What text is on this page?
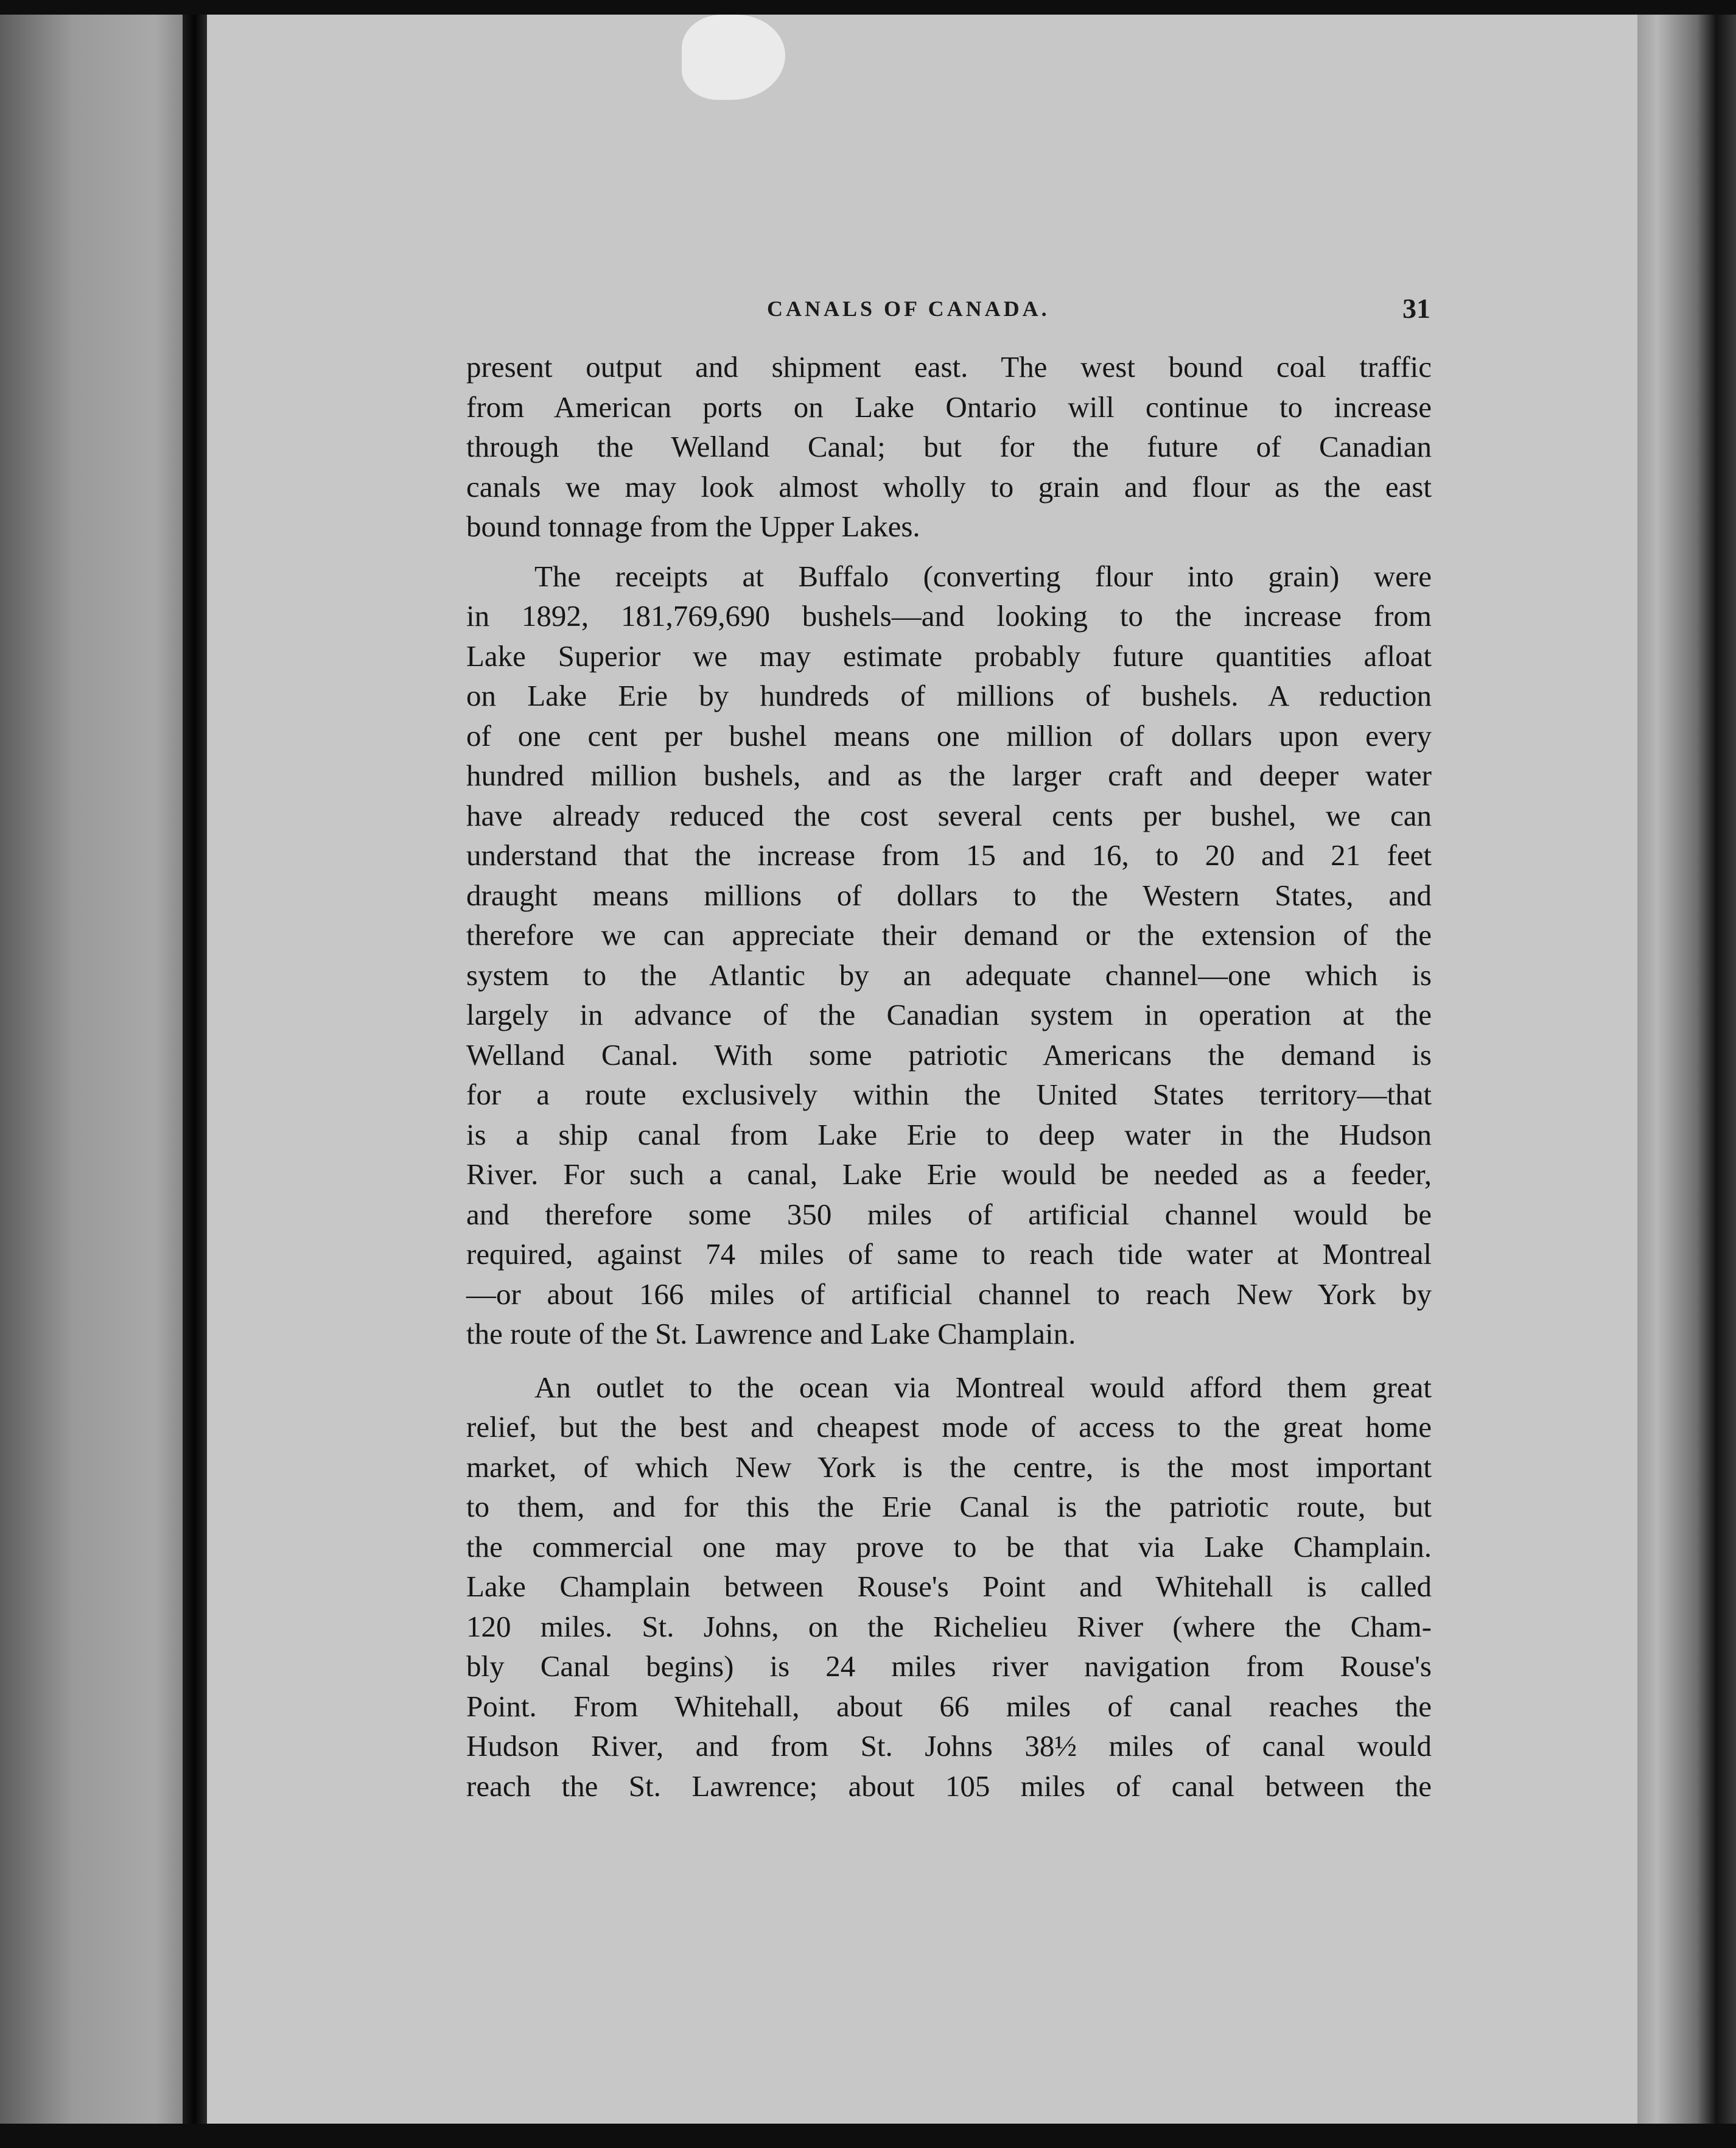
CANALS OF CANADA.	31

present output and shipment east. The west bound coal traffic
from American ports on Lake Ontario will continue to increase
through the Welland Canal; but for the future of Canadian
canals we may look almost wholly to grain and flour as the east
bound tonnage from the Upper Lakes.

The receipts at Buffalo (converting flour into grain) were
in 1892, 181,769,690 bushels—and looking to the increase from
Lake Superior we may estimate probably future quantities afloat
on Lake Erie by hundreds of millions of bushels. A reduction
of one cent per bushel means one million of dollars upon every
hundred million bushels, and as the larger craft and deeper water
have already reduced the cost several cents per bushel, we can
understand that the increase from 15 and 16, to 20 and 21 feet
draught means millions of dollars to the Western States, and
therefore we can appreciate their demand or the extension of the
system to the Atlantic by an adequate channel—one which is
largely in advance of the Canadian system in operation at the
Welland Canal. With some patriotic Americans the demand is
for a route exclusively within the United States territory—that
is a ship canal from Lake Erie to deep water in the Hudson
River. For such a canal, Lake Erie would be needed as a feeder,
and therefore some 350 miles of artificial channel would be
required, against 74 miles of same to reach tide water at Montreal
—or about 166 miles of artificial channel to reach New York by
the route of the St. Lawrence and Lake Champlain.

An outlet to the ocean via Montreal would afford them great
relief, but the best and cheapest mode of access to the great home
market, of which New York is the centre, is the most important
to them, and for this the Erie Canal is the patriotic route, but
the commercial one may prove to be that via Lake Champlain.
Lake Champlain between Rouse's Point and Whitehall is called
120 miles. St. Johns, on the Richelieu River (where the Cham-
bly Canal begins) is 24 miles river navigation from Rouse's
Point. From Whitehall, about 66 miles of canal reaches the
Hudson River, and from St. Johns 38½ miles of canal would
reach the St. Lawrence; about 105 miles of canal between the
